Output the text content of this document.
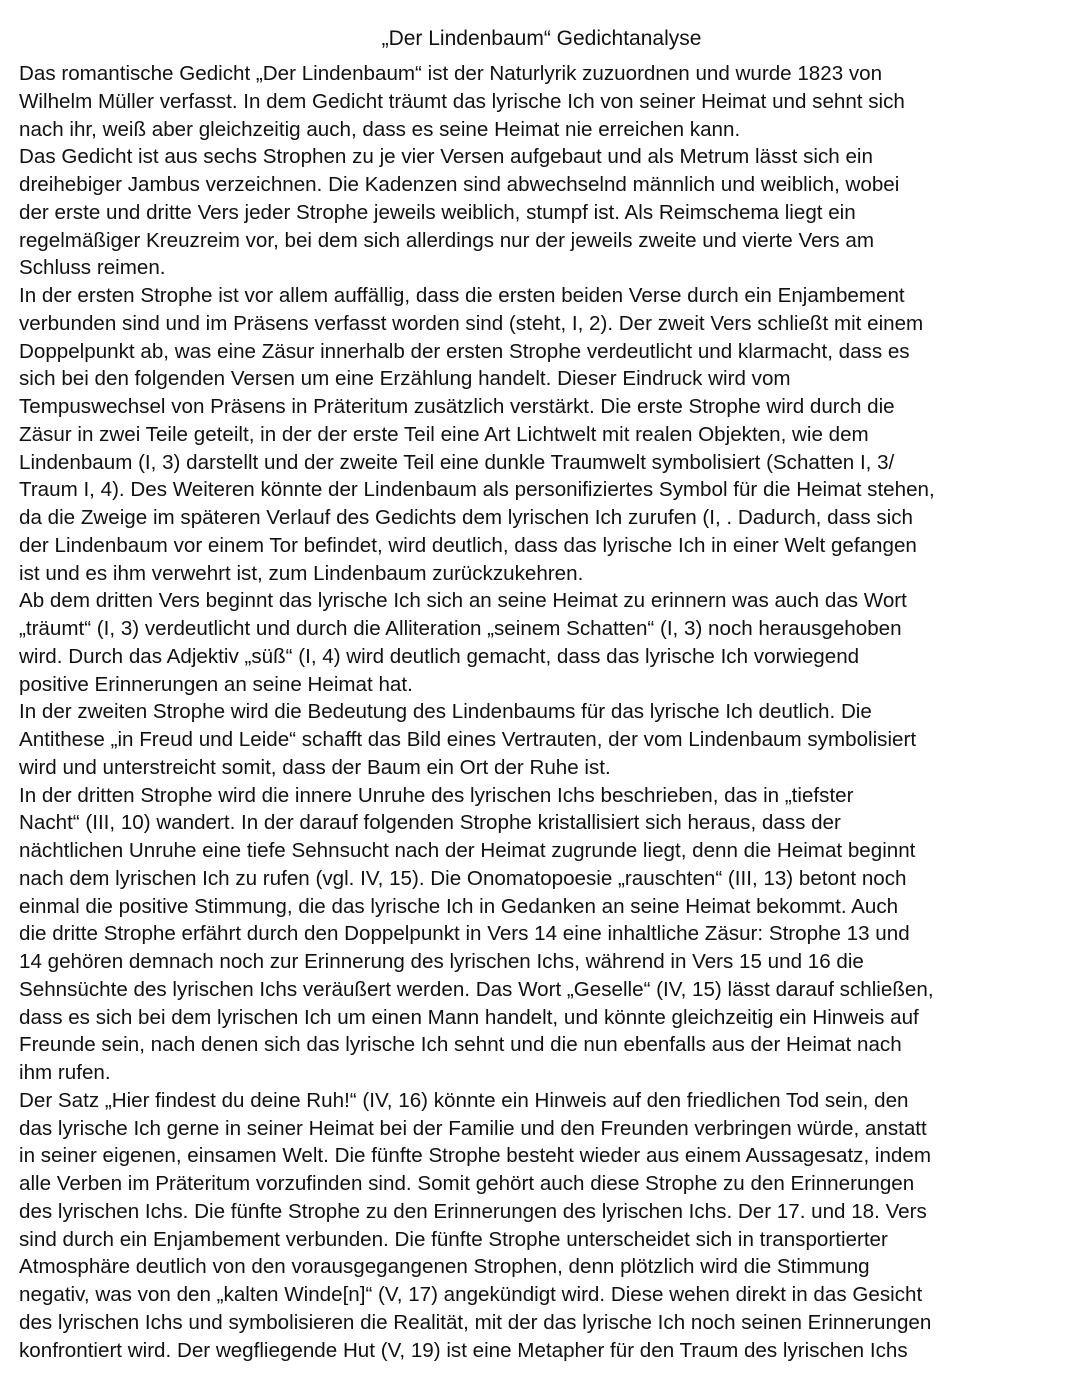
„Der Lindenbaum“ Gedichtanalyse
Das romantische Gedicht „Der Lindenbaum“ ist der Naturlyrik zuzuordnen und wurde 1823 von
Wilhelm Müller verfasst. In dem Gedicht träumt das lyrische Ich von seiner Heimat und sehnt sich
nach ihr, weiß aber gleichzeitig auch, dass es seine Heimat nie erreichen kann.
Das Gedicht ist aus sechs Strophen zu je vier Versen aufgebaut und als Metrum lässt sich ein
dreihebiger Jambus verzeichnen. Die Kadenzen sind abwechselnd männlich und weiblich, wobei
der erste und dritte Vers jeder Strophe jeweils weiblich, stumpf ist. Als Reimschema liegt ein
regelmäßiger Kreuzreim vor, bei dem sich allerdings nur der jeweils zweite und vierte Vers am
Schluss reimen.
In der ersten Strophe ist vor allem auffällig, dass die ersten beiden Verse durch ein Enjambement
verbunden sind und im Präsens verfasst worden sind (steht, I, 2). Der zweit Vers schließt mit einem
Doppelpunkt ab, was eine Zäsur innerhalb der ersten Strophe verdeutlicht und klarmacht, dass es
sich bei den folgenden Versen um eine Erzählung handelt. Dieser Eindruck wird vom
Tempuswechsel von Präsens in Präteritum zusätzlich verstärkt. Die erste Strophe wird durch die
Zäsur in zwei Teile geteilt, in der der erste Teil eine Art Lichtwelt mit realen Objekten, wie dem
Lindenbaum (I, 3) darstellt und der zweite Teil eine dunkle Traumwelt symbolisiert (Schatten I, 3/
Traum I, 4). Des Weiteren könnte der Lindenbaum als personifiziertes Symbol für die Heimat stehen,
da die Zweige im späteren Verlauf des Gedichts dem lyrischen Ich zurufen (I, . Dadurch, dass sich
der Lindenbaum vor einem Tor befindet, wird deutlich, dass das lyrische Ich in einer Welt gefangen
ist und es ihm verwehrt ist, zum Lindenbaum zurückzukehren.
Ab dem dritten Vers beginnt das lyrische Ich sich an seine Heimat zu erinnern was auch das Wort
„träumt“ (I, 3) verdeutlicht und durch die Alliteration „seinem Schatten“ (I, 3) noch herausgehoben
wird. Durch das Adjektiv „süß“ (I, 4) wird deutlich gemacht, dass das lyrische Ich vorwiegend
positive Erinnerungen an seine Heimat hat.
In der zweiten Strophe wird die Bedeutung des Lindenbaums für das lyrische Ich deutlich. Die
Antithese „in Freud und Leide“ schafft das Bild eines Vertrauten, der vom Lindenbaum symbolisiert
wird und unterstreicht somit, dass der Baum ein Ort der Ruhe ist.
In der dritten Strophe wird die innere Unruhe des lyrischen Ichs beschrieben, das in „tiefster
Nacht“ (III, 10) wandert. In der darauf folgenden Strophe kristallisiert sich heraus, dass der
nächtlichen Unruhe eine tiefe Sehnsucht nach der Heimat zugrunde liegt, denn die Heimat beginnt
nach dem lyrischen Ich zu rufen (vgl. IV, 15). Die Onomatopoesie „rauschten“ (III, 13) betont noch
einmal die positive Stimmung, die das lyrische Ich in Gedanken an seine Heimat bekommt. Auch
die dritte Strophe erfährt durch den Doppelpunkt in Vers 14 eine inhaltliche Zäsur: Strophe 13 und
14 gehören demnach noch zur Erinnerung des lyrischen Ichs, während in Vers 15 und 16 die
Sehnsüchte des lyrischen Ichs veräußert werden. Das Wort „Geselle“ (IV, 15) lässt darauf schließen,
dass es sich bei dem lyrischen Ich um einen Mann handelt, und könnte gleichzeitig ein Hinweis auf
Freunde sein, nach denen sich das lyrische Ich sehnt und die nun ebenfalls aus der Heimat nach
ihm rufen.
Der Satz „Hier findest du deine Ruh!“ (IV, 16) könnte ein Hinweis auf den friedlichen Tod sein, den
das lyrische Ich gerne in seiner Heimat bei der Familie und den Freunden verbringen würde, anstatt
in seiner eigenen, einsamen Welt. Die fünfte Strophe besteht wieder aus einem Aussagesatz, indem
alle Verben im Präteritum vorzufinden sind. Somit gehört auch diese Strophe zu den Erinnerungen
des lyrischen Ichs. Die fünfte Strophe zu den Erinnerungen des lyrischen Ichs. Der 17. und 18. Vers
sind durch ein Enjambement verbunden. Die fünfte Strophe unterscheidet sich in transportierter
Atmosphäre deutlich von den vorausgegangenen Strophen, denn plötzlich wird die Stimmung
negativ, was von den „kalten Winde[n]“ (V, 17) angekündigt wird. Diese wehen direkt in das Gesicht
des lyrischen Ichs und symbolisieren die Realität, mit der das lyrische Ich noch seinen Erinnerungen
konfrontiert wird. Der wegfliegende Hut (V, 19) ist eine Metapher für den Traum des lyrischen Ichs
